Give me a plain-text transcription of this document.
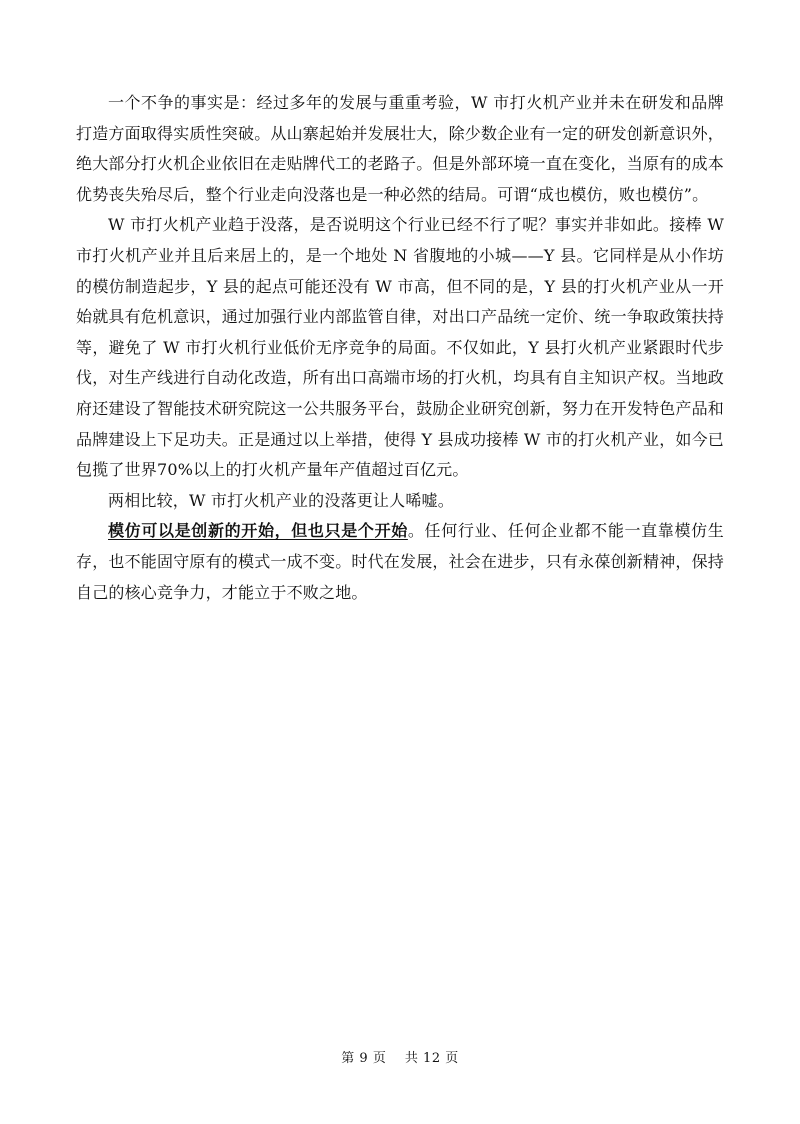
一个不争的事实是：经过多年的发展与重重考验，W 市打火机产业并未在研发和品牌打造方面取得实质性突破。从山寨起始并发展壮大，除少数企业有一定的研发创新意识外，绝大部分打火机企业依旧在走贴牌代工的老路子。但是外部环境一直在变化，当原有的成本优势丧失殆尽后，整个行业走向没落也是一种必然的结局。可谓“成也模仿，败也模仿”。

W 市打火机产业趋于没落，是否说明这个行业已经不行了呢？事实并非如此。接棒 W 市打火机产业并且后来居上的，是一个地处 N 省腹地的小城——Y 县。它同样是从小作坊的模仿制造起步，Y 县的起点可能还没有 W 市高，但不同的是，Y 县的打火机产业从一开始就具有危机意识，通过加强行业内部监管自律，对出口产品统一定价、统一争取政策扶持等，避免了 W 市打火机行业低价无序竞争的局面。不仅如此，Y 县打火机产业紧跟时代步伐，对生产线进行自动化改造，所有出口高端市场的打火机，均具有自主知识产权。当地政府还建设了智能技术研究院这一公共服务平台，鼓励企业研究创新，努力在开发特色产品和品牌建设上下足功夫。正是通过以上举措，使得 Y 县成功接棒 W 市的打火机产业，如今已包揽了世界70%以上的打火机产量年产值超过百亿元。

两相比较，W 市打火机产业的没落更让人唏嘘。

模仿可以是创新的开始，但也只是个开始。任何行业、任何企业都不能一直靠模仿生存，也不能固守原有的模式一成不变。时代在发展，社会在进步，只有永葆创新精神，保持自己的核心竞争力，才能立于不败之地。

第 9 页 共 12 页
